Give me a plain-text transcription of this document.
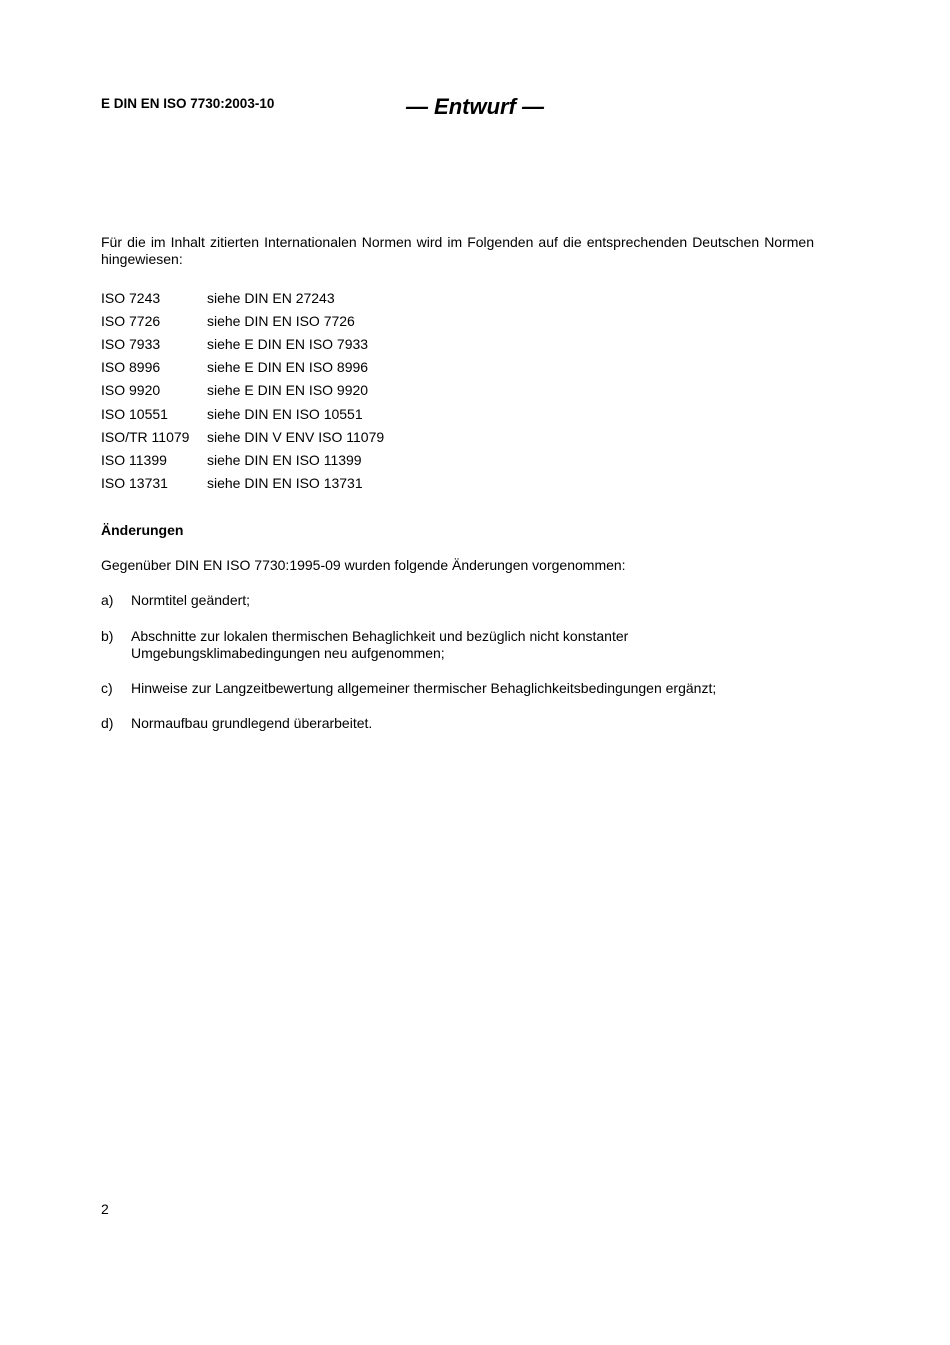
E DIN EN ISO 7730:2003-10	— Entwurf —

Für die im Inhalt zitierten Internationalen Normen wird im Folgenden auf die entsprechenden Deutschen Normen hingewiesen:

ISO 7243	siehe DIN EN 27243
ISO 7726	siehe DIN EN ISO 7726
ISO 7933	siehe E DIN EN ISO 7933
ISO 8996	siehe E DIN EN ISO 8996
ISO 9920	siehe E DIN EN ISO 9920
ISO 10551	siehe DIN EN ISO 10551
ISO/TR 11079	siehe DIN V ENV ISO 11079
ISO 11399	siehe DIN EN ISO 11399
ISO 13731	siehe DIN EN ISO 13731
Änderungen

Gegenüber DIN EN ISO 7730:1995-09 wurden folgende Änderungen vorgenommen:

a)	Normtitel geändert;
b)	Abschnitte zur lokalen thermischen Behaglichkeit und bezüglich nicht konstanter Umgebungsklimabedingungen neu aufgenommen;
c)	Hinweise zur Langzeitbewertung allgemeiner thermischer Behaglichkeitsbedingungen ergänzt;
d)	Normaufbau grundlegend überarbeitet.
2
